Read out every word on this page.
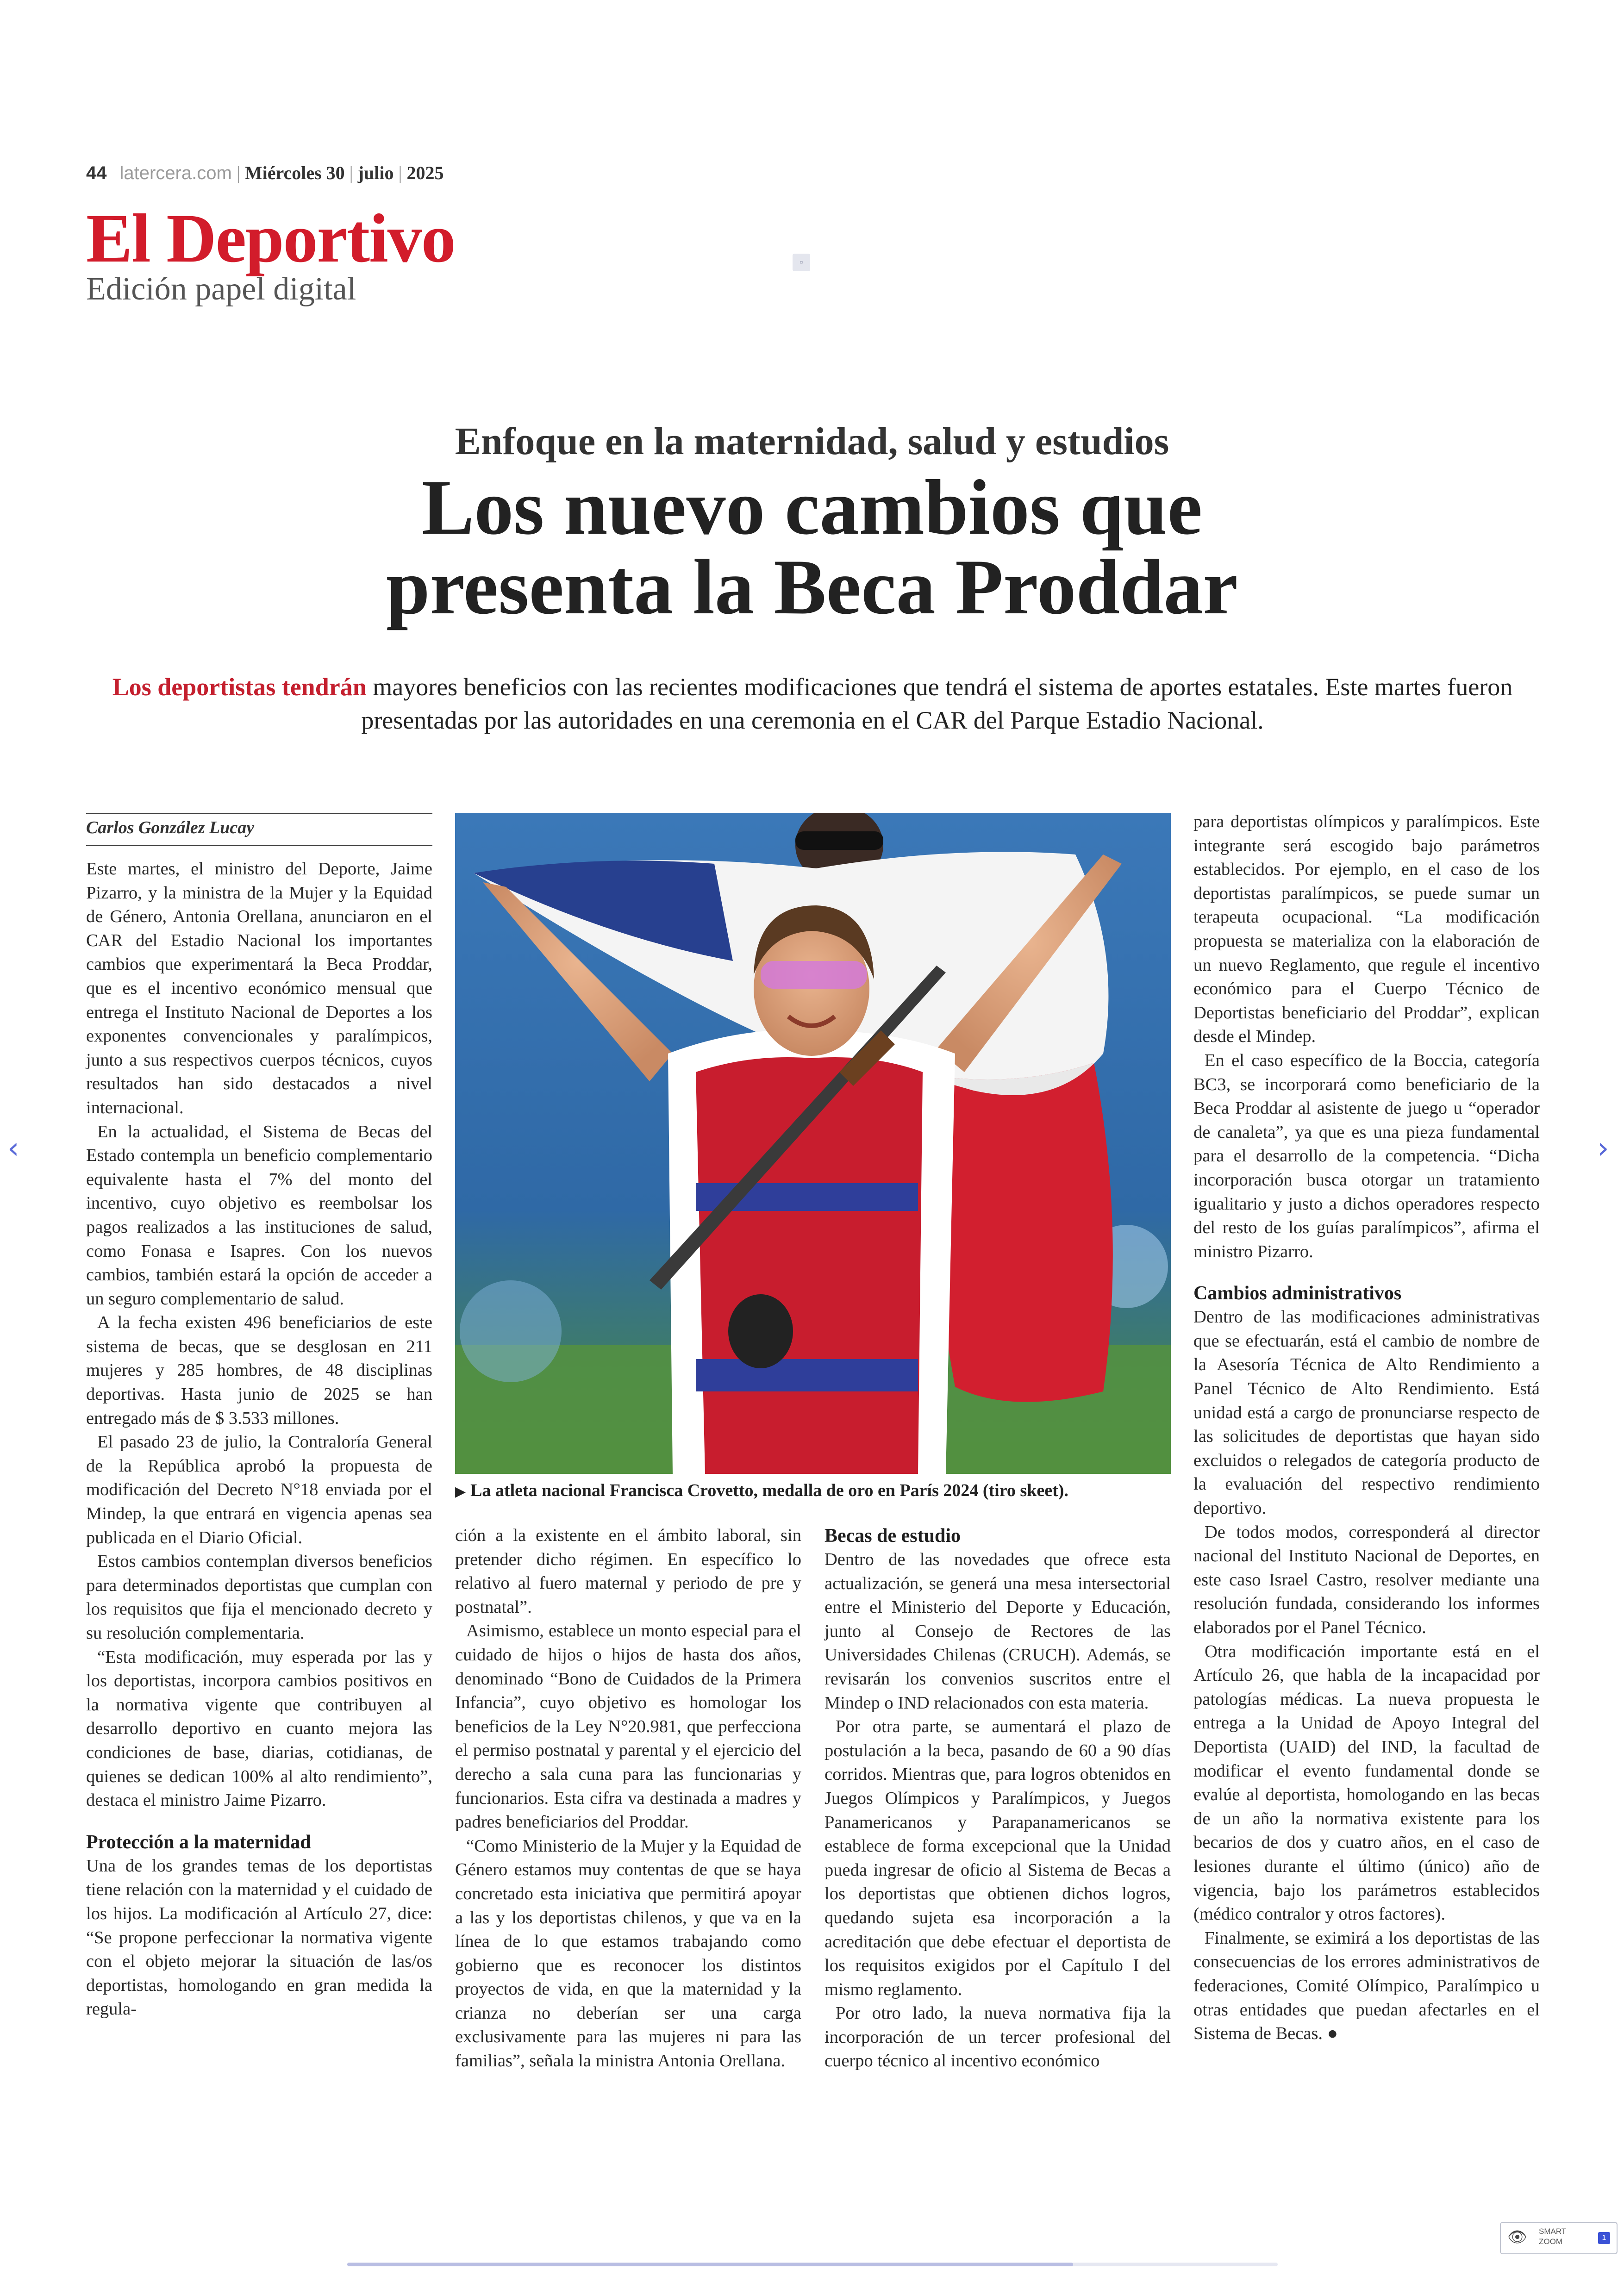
44 latercera.com | Miércoles 30 | julio | 2025
El Deportivo
Edición papel digital
▫
Enfoque en la maternidad, salud y estudios
Los nuevo cambios que
presenta la Beca Proddar
Los deportistas tendrán mayores beneficios con las recientes modificaciones que tendrá el sistema de aportes estatales. Este martes fueron presentadas por las autoridades en una ceremonia en el CAR del Parque Estadio Nacional.
Carlos González Lucay

Este martes, el ministro del Deporte, Jaime Pizarro, y la ministra de la Mujer y la Equidad de Género, Antonia Orellana, anunciaron en el CAR del Estadio Nacional los importantes cambios que experimentará la Beca Proddar, que es el incentivo económico mensual que entrega el Instituto Nacional de Deportes a los exponentes convencionales y paralímpicos, junto a sus respectivos cuerpos técnicos, cuyos resultados han sido destacados a nivel internacional.

En la actualidad, el Sistema de Becas del Estado contempla un beneficio complementario equivalente hasta el 7% del monto del incentivo, cuyo objetivo es reembolsar los pagos realizados a las instituciones de salud, como Fonasa e Isapres. Con los nuevos cambios, también estará la opción de acceder a un seguro complementario de salud.

A la fecha existen 496 beneficiarios de este sistema de becas, que se desglosan en 211 mujeres y 285 hombres, de 48 disciplinas deportivas. Hasta junio de 2025 se han entregado más de $ 3.533 millones.

El pasado 23 de julio, la Contraloría General de la República aprobó la propuesta de modificación del Decreto N°18 enviada por el Mindep, la que entrará en vigencia apenas sea publicada en el Diario Oficial.

Estos cambios contemplan diversos beneficios para determinados deportistas que cumplan con los requisitos que fija el mencionado decreto y su resolución complementaria.

“Esta modificación, muy esperada por las y los deportistas, incorpora cambios positivos en la normativa vigente que contribuyen al desarrollo deportivo en cuanto mejora las condiciones de base, diarias, cotidianas, de quienes se dedican 100% al alto rendimiento”, destaca el ministro Jaime Pizarro.

Protección a la maternidad

Una de los grandes temas de los deportistas tiene relación con la maternidad y el cuidado de los hijos. La modificación al Artículo 27, dice: “Se propone perfeccionar la normativa vigente con el objeto mejorar la situación de las/os deportistas, homologando en gran medida la regula-

▶ La atleta nacional Francisca Crovetto, medalla de oro en París 2024 (tiro skeet).

ción a la existente en el ámbito laboral, sin pretender dicho régimen. En específico lo relativo al fuero maternal y periodo de pre y postnatal”.

Asimismo, establece un monto especial para el cuidado de hijos o hijos de hasta dos años, denominado “Bono de Cuidados de la Primera Infancia”, cuyo objetivo es homologar los beneficios de la Ley N°20.981, que perfecciona el permiso postnatal y parental y el ejercicio del derecho a sala cuna para las funcionarias y funcionarios. Esta cifra va destinada a madres y padres beneficiarios del Proddar.

“Como Ministerio de la Mujer y la Equidad de Género estamos muy contentas de que se haya concretado esta iniciativa que permitirá apoyar a las y los deportistas chilenos, y que va en la línea de lo que estamos trabajando como gobierno que es reconocer los distintos proyectos de vida, en que la maternidad y la crianza no deberían ser una carga exclusivamente para las mujeres ni para las familias”, señala la ministra Antonia Orellana.

Becas de estudio

Dentro de las novedades que ofrece esta actualización, se generá una mesa intersectorial entre el Ministerio del Deporte y Educación, junto al Consejo de Rectores de las Universidades Chilenas (CRUCH). Además, se revisarán los convenios suscritos entre el Mindep o IND relacionados con esta materia.

Por otra parte, se aumentará el plazo de postulación a la beca, pasando de 60 a 90 días corridos. Mientras que, para logros obtenidos en Juegos Olímpicos y Paralímpicos, y Juegos Panamericanos y Parapanamericanos se establece de forma excepcional que la Unidad pueda ingresar de oficio al Sistema de Becas a los deportistas que obtienen dichos logros, quedando sujeta esa incorporación a la acreditación que debe efectuar el deportista de los requisitos exigidos por el Capítulo I del mismo reglamento.

Por otro lado, la nueva normativa fija la incorporación de un tercer profesional del cuerpo técnico al incentivo económico

para deportistas olímpicos y paralímpicos. Este integrante será escogido bajo parámetros establecidos. Por ejemplo, en el caso de los deportistas paralímpicos, se puede sumar un terapeuta ocupacional. “La modificación propuesta se materializa con la elaboración de un nuevo Reglamento, que regule el incentivo económico para el Cuerpo Técnico de Deportistas beneficiario del Proddar”, explican desde el Mindep.

En el caso específico de la Boccia, categoría BC3, se incorporará como beneficiario de la Beca Proddar al asistente de juego u “operador de canaleta”, ya que es una pieza fundamental para el desarrollo de la competencia. “Dicha incorporación busca otorgar un tratamiento igualitario y justo a dichos operadores respecto del resto de los guías paralímpicos”, afirma el ministro Pizarro.

Cambios administrativos

Dentro de las modificaciones administrativas que se efectuarán, está el cambio de nombre de la Asesoría Técnica de Alto Rendimiento a Panel Técnico de Alto Rendimiento. Está unidad está a cargo de pronunciarse respecto de las solicitudes de deportistas que hayan sido excluidos o relegados de categoría producto de la evaluación del respectivo rendimiento deportivo.

De todos modos, corresponderá al director nacional del Instituto Nacional de Deportes, en este caso Israel Castro, resolver mediante una resolución fundada, considerando los informes elaborados por el Panel Técnico.

Otra modificación importante está en el Artículo 26, que habla de la incapacidad por patologías médicas. La nueva propuesta le entrega a la Unidad de Apoyo Integral del Deportista (UAID) del IND, la facultad de modificar el evento fundamental donde se evalúe al deportista, homologando en las becas de un año la normativa existente para los becarios de dos y cuatro años, en el caso de lesiones durante el último (único) año de vigencia, bajo los parámetros establecidos (médico contralor y otros factores).

Finalmente, se eximirá a los deportistas de las consecuencias de los errores administrativos de federaciones, Comité Olímpico, Paralímpico u otras entidades que puedan afectarles en el Sistema de Becas. ●

‹	›
👁 SMART
ZOOM	1
